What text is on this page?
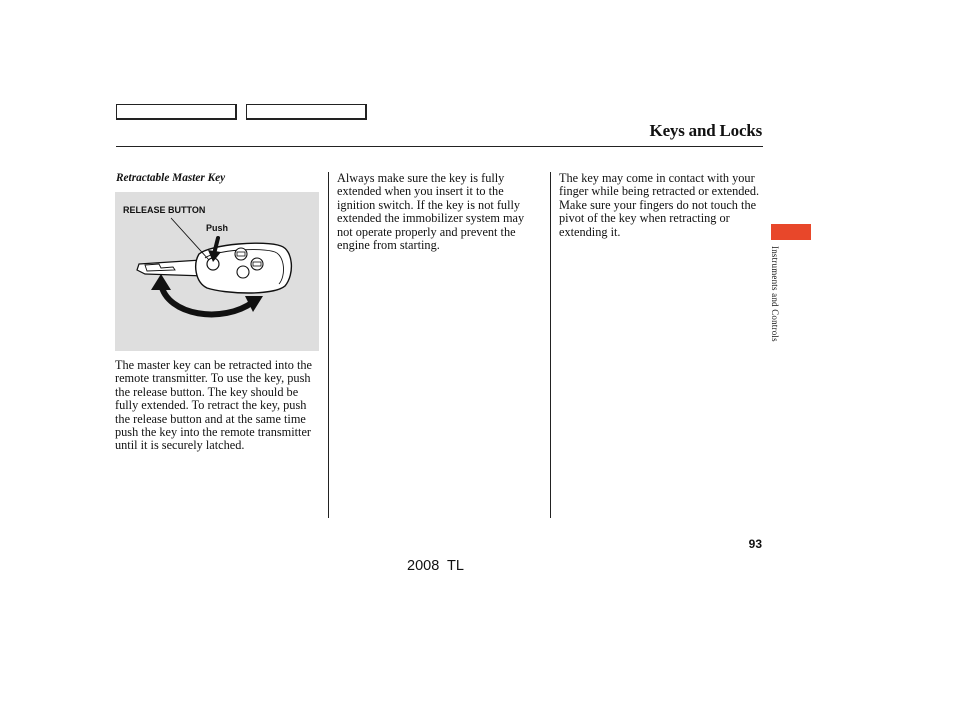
Keys and Locks
Retractable Master Key
RELEASE BUTTON
Push

The master key can be retracted into the remote transmitter. To use the key, push the release button. The key should be fully extended. To retract the key, push the release button and at the same time push the key into the remote transmitter until it is securely latched.

Always make sure the key is fully extended when you insert it to the ignition switch. If the key is not fully extended the immobilizer system may not operate properly and prevent the engine from starting.

The key may come in contact with your finger while being retracted or extended. Make sure your fingers do not touch the pivot of the key when retracting or extending it.

Instruments and Controls
93
2008  TL
